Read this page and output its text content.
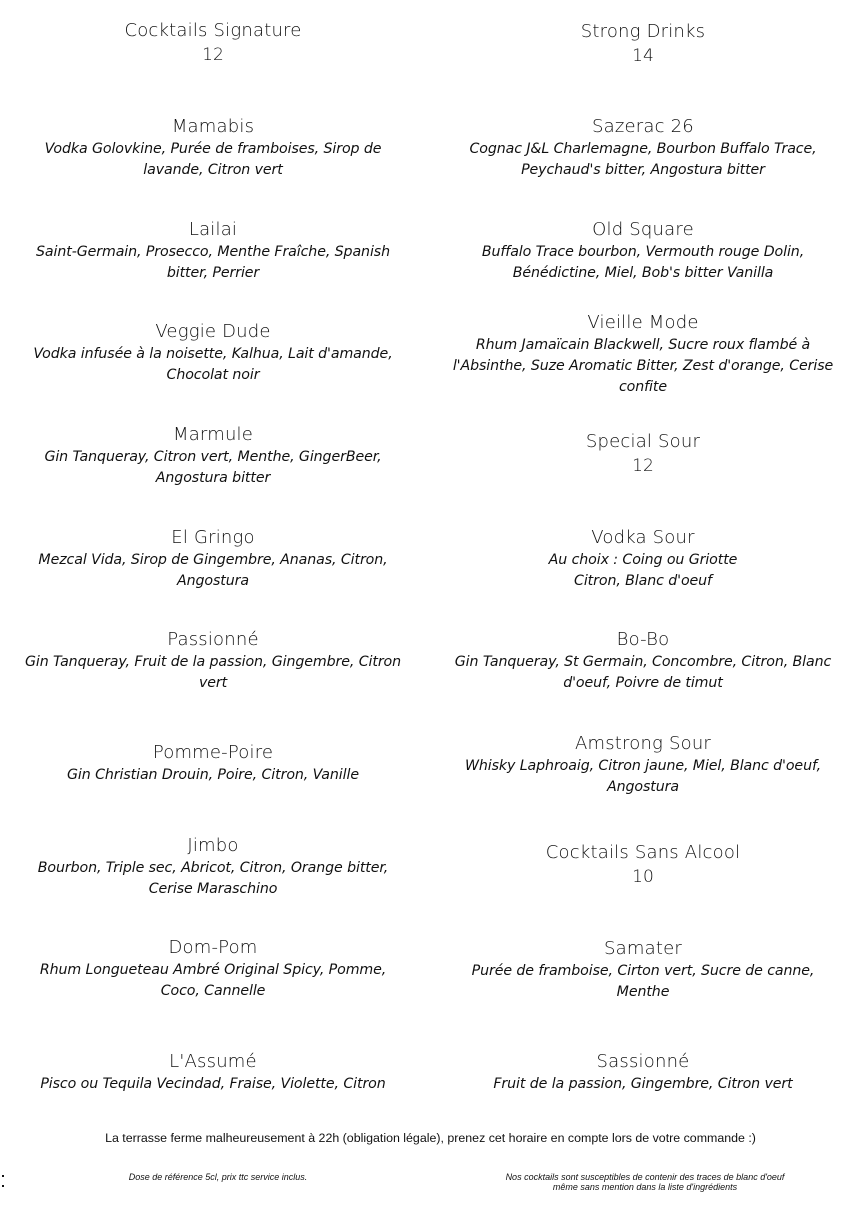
Cocktails Signature

12

Mamabis

Vodka Golovkine, Purée de framboises, Sirop de lavande, Citron vert

Lailai

Saint-Germain, Prosecco, Menthe Fraîche, Spanish bitter, Perrier

Veggie Dude

Vodka infusée à la noisette, Kalhua, Lait d'amande, Chocolat noir

Marmule

Gin Tanqueray, Citron vert, Menthe, GingerBeer, Angostura bitter

El Gringo

Mezcal Vida, Sirop de Gingembre, Ananas, Citron, Angostura

Passionné

Gin Tanqueray, Fruit de la passion, Gingembre, Citron vert

Pomme-Poire

Gin Christian Drouin, Poire, Citron, Vanille

Jimbo

Bourbon, Triple sec, Abricot, Citron, Orange bitter, Cerise Maraschino

Dom-Pom

Rhum Longueteau Ambré Original Spicy, Pomme, Coco, Cannelle

L'Assumé

Pisco ou Tequila Vecindad, Fraise, Violette, Citron

Strong Drinks

14

Sazerac 26

Cognac J&L Charlemagne, Bourbon Buffalo Trace, Peychaud's bitter, Angostura bitter

Old Square

Buffalo Trace bourbon, Vermouth rouge Dolin, Bénédictine, Miel, Bob's bitter Vanilla

Vieille Mode

Rhum Jamaïcain Blackwell, Sucre roux flambé à l'Absinthe, Suze Aromatic Bitter, Zest d'orange, Cerise confite

Special Sour

12

Vodka Sour

Au choix : Coing ou Griotte

Citron, Blanc d'oeuf

Bo-Bo

Gin Tanqueray, St Germain, Concombre, Citron, Blanc d'oeuf, Poivre de timut

Amstrong Sour

Whisky Laphroaig, Citron jaune, Miel, Blanc d'oeuf, Angostura

Cocktails Sans Alcool

10

Samater

Purée de framboise, Cirton vert, Sucre de canne, Menthe

Sassionné

Fruit de la passion, Gingembre, Citron vert

La terrasse ferme malheureusement à 22h (obligation légale), prenez cet horaire en compte lors de votre commande :)
Dose de référence 5cl, prix ttc service inclus.	Nos cocktails sont susceptibles de contenir des traces de blanc d'oeuf
même sans mention dans la liste d'ingrédients
